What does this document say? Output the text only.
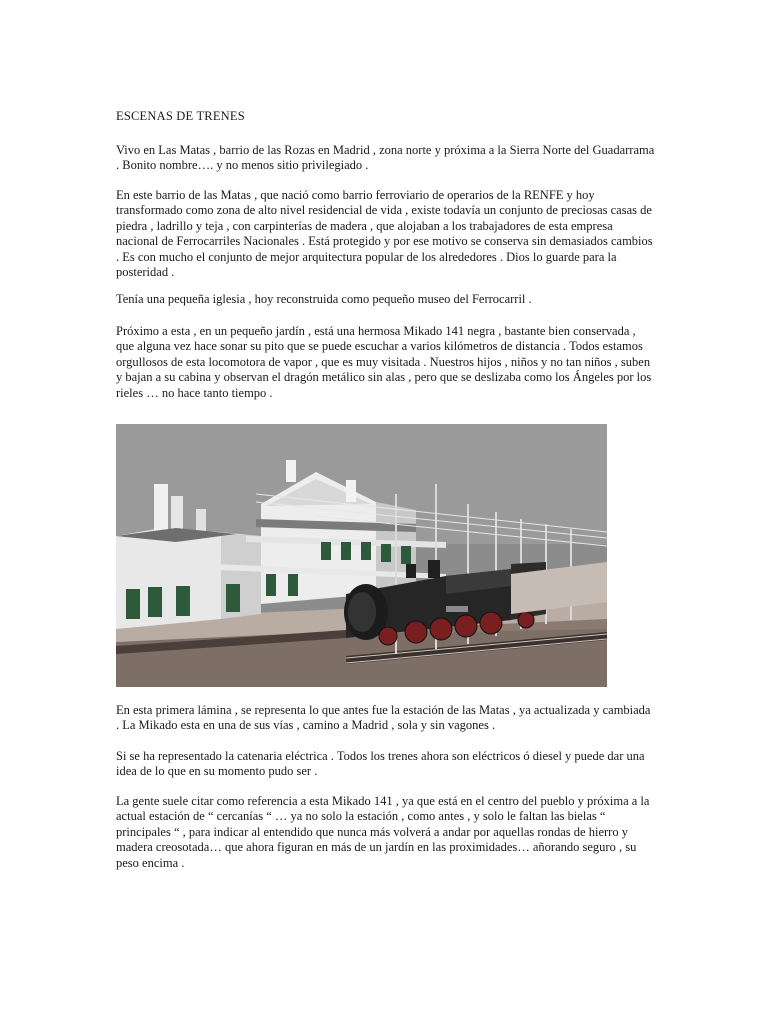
ESCENAS DE TRENES
Vivo en Las Matas , barrio de las Rozas en Madrid , zona norte y próxima a la Sierra Norte del Guadarrama . Bonito nombre…. y no menos sitio privilegiado .
En este barrio de las Matas , que nació como barrio ferroviario de operarios de la RENFE y hoy transformado como zona de alto nivel residencial de vida , existe todavía un conjunto de preciosas casas de piedra , ladrillo y teja , con carpinterías de madera , que alojaban a los trabajadores de esta empresa nacional de Ferrocarriles Nacionales . Está protegido y por ese motivo se conserva sin demasiados cambios . Es con mucho el conjunto de mejor arquitectura popular de los alrededores . Dios lo guarde para la posteridad .
Tenía una pequeña iglesia , hoy reconstruida como pequeño museo del Ferrocarril .
Próximo a esta , en un pequeño jardín , está una hermosa Mikado 141 negra , bastante bien conservada , que alguna vez hace sonar su pito que se puede escuchar a varios kilómetros de distancia . Todos estamos orgullosos de esta locomotora de vapor , que es muy visitada . Nuestros hijos , niños y no tan niños , suben y bajan a su cabina y observan el dragón metálico sin alas , pero que se deslizaba como los Ángeles por los rieles … no hace tanto tiempo .
En esta primera lámina , se representa lo que antes fue la estación de las Matas , ya actualizada y cambiada . La Mikado esta en una de sus vías , camino a Madrid , sola y sin vagones .
Si se ha representado la catenaria eléctrica . Todos los trenes ahora son eléctricos ó diesel y puede dar una idea de lo que en su momento pudo ser .
La gente suele citar como referencia a esta Mikado 141 , ya que está en el centro del pueblo y próxima a la actual estación de “ cercanías “ … ya no solo la estación , como antes , y solo le faltan las bielas “ principales “ , para indicar al entendido que nunca más volverá a andar por aquellas rondas de hierro y madera creosotada… que ahora figuran en más de un jardín en las proximidades… añorando seguro , su peso encima .
